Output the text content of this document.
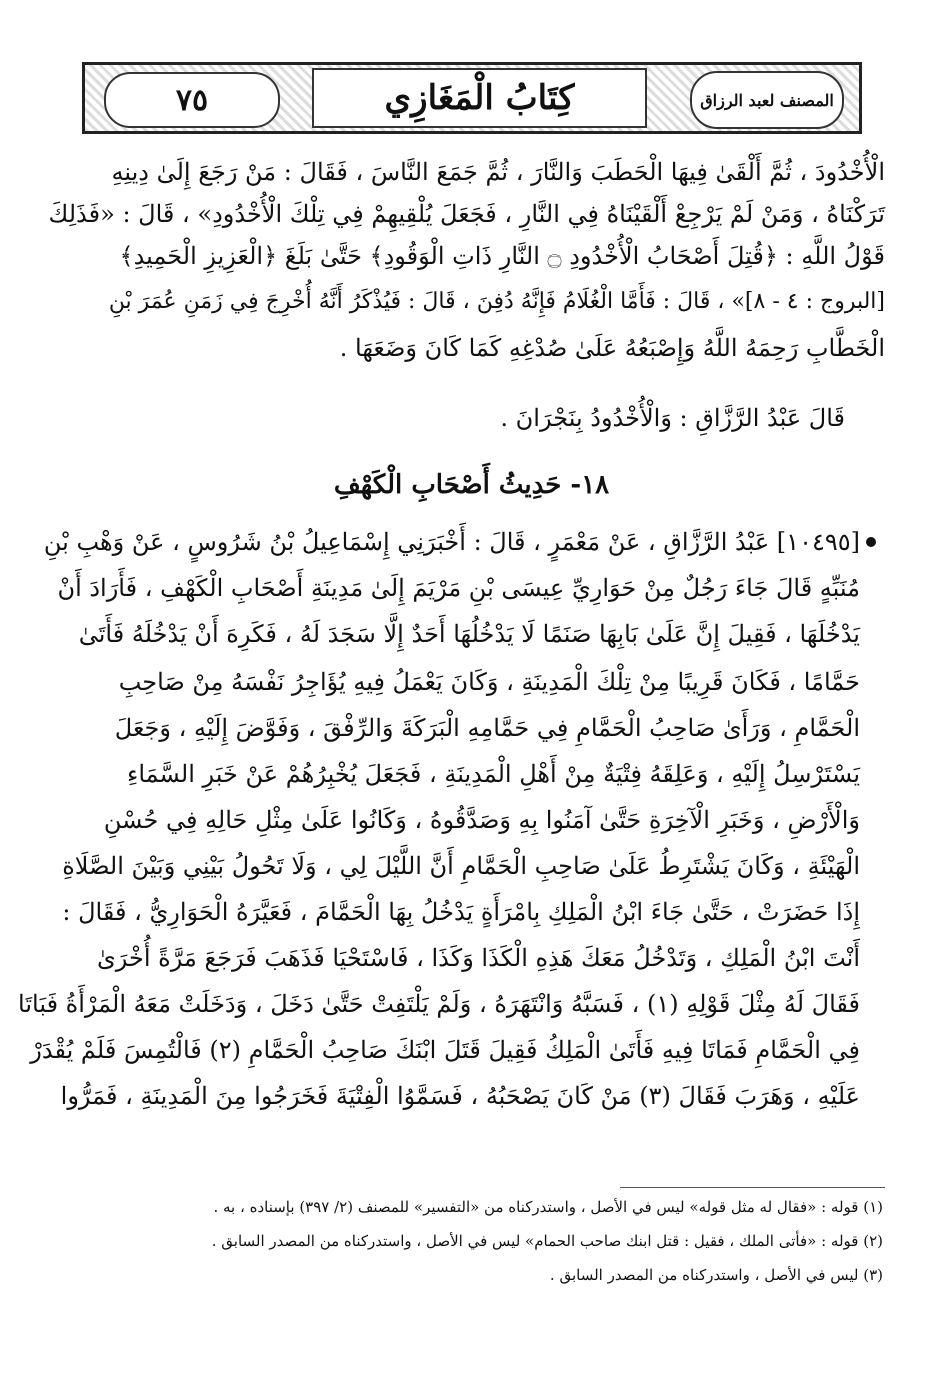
٧٥	كِتَابُ الْمَغَازِي	المصنف لعبد الرزاق
الْأُخْدُودَ ، ثُمَّ أَلْقَىٰ فِيهَا الْحَطَبَ وَالنَّارَ ، ثُمَّ جَمَعَ النَّاسَ ، فَقَالَ : مَنْ رَجَعَ إِلَىٰ دِينِهِ
تَرَكْنَاهُ ، وَمَنْ لَمْ يَرْجِعْ أَلْقَيْنَاهُ فِي النَّارِ ، فَجَعَلَ يُلْقِيهِمْ فِي تِلْكَ الْأُخْدُودِ» ، قَالَ : «فَذَلِكَ
قَوْلُ اللَّهِ : ﴿قُتِلَ أَصْحَابُ الْأُخْدُودِ ۝ النَّارِ ذَاتِ الْوَقُودِ﴾ حَتَّىٰ بَلَغَ ﴿الْعَزِيزِ الْحَمِيدِ﴾
[البروج : ٤ - ٨]» ، قَالَ : فَأَمَّا الْغُلَامُ فَإِنَّهُ دُفِنَ ، قَالَ : فَيُذْكَرُ أَنَّهُ أُخْرِجَ فِي زَمَنِ عُمَرَ بْنِ
الْخَطَّابِ رَحِمَهُ اللَّهُ وَإِصْبَعُهُ عَلَىٰ صُدْغِهِ كَمَا كَانَ وَضَعَهَا .
قَالَ عَبْدُ الرَّزَّاقِ : وَالْأُخْدُودُ بِنَجْرَانَ .
١٨- حَدِيثُ أَصْحَابِ الْكَهْفِ
[١٠٤٩٥] عَبْدُ الرَّزَّاقِ ، عَنْ مَعْمَرٍ ، قَالَ : أَخْبَرَنِي إِسْمَاعِيلُ بْنُ شَرُوسٍ ، عَنْ وَهْبِ بْنِ
مُنَبِّهٍ قَالَ جَاءَ رَجُلٌ مِنْ حَوَارِيِّ عِيسَى بْنِ مَرْيَمَ إِلَىٰ مَدِينَةِ أَصْحَابِ الْكَهْفِ ، فَأَرَادَ أَنْ
يَدْخُلَهَا ، فَقِيلَ إِنَّ عَلَىٰ بَابِهَا صَنَمًا لَا يَدْخُلُهَا أَحَدٌ إِلَّا سَجَدَ لَهُ ، فَكَرِهَ أَنْ يَدْخُلَهُ فَأَتَىٰ
حَمَّامًا ، فَكَانَ قَرِيبًا مِنْ تِلْكَ الْمَدِينَةِ ، وَكَانَ يَعْمَلُ فِيهِ يُؤَاجِرُ نَفْسَهُ مِنْ صَاحِبِ
الْحَمَّامِ ، وَرَأَىٰ صَاحِبُ الْحَمَّامِ فِي حَمَّامِهِ الْبَرَكَةَ وَالرِّفْقَ ، وَفَوَّضَ إِلَيْهِ ، وَجَعَلَ
يَسْتَرْسِلُ إِلَيْهِ ، وَعَلِقَهُ فِتْيَةٌ مِنْ أَهْلِ الْمَدِينَةِ ، فَجَعَلَ يُخْبِرُهُمْ عَنْ خَبَرِ السَّمَاءِ
وَالْأَرْضِ ، وَخَبَرِ الْآخِرَةِ حَتَّىٰ آمَنُوا بِهِ وَصَدَّقُوهُ ، وَكَانُوا عَلَىٰ مِثْلِ حَالِهِ فِي حُسْنِ
الْهَيْئَةِ ، وَكَانَ يَشْتَرِطُ عَلَىٰ صَاحِبِ الْحَمَّامِ أَنَّ اللَّيْلَ لِي ، وَلَا تَحُولُ بَيْنِي وَبَيْنَ الصَّلَاةِ
إِذَا حَضَرَتْ ، حَتَّىٰ جَاءَ ابْنُ الْمَلِكِ بِامْرَأَةٍ يَدْخُلُ بِهَا الْحَمَّامَ ، فَعَيَّرَهُ الْحَوَارِيُّ ، فَقَالَ :
أَنْتَ ابْنُ الْمَلِكِ ، وَتَدْخُلُ مَعَكَ هَذِهِ الْكَذَا وَكَذَا ، فَاسْتَحْيَا فَذَهَبَ فَرَجَعَ مَرَّةً أُخْرَىٰ
فَقَالَ لَهُ مِثْلَ قَوْلِهِ (١) ، فَسَبَّهُ وَانْتَهَرَهُ ، وَلَمْ يَلْتَفِتْ حَتَّىٰ دَخَلَ ، وَدَخَلَتْ مَعَهُ الْمَرْأَةُ فَبَاتَا
فِي الْحَمَّامِ فَمَاتَا فِيهِ فَأَتَىٰ الْمَلِكُ فَقِيلَ قَتَلَ ابْنَكَ صَاحِبُ الْحَمَّامِ (٢) فَالْتُمِسَ فَلَمْ يُقْدَرْ
عَلَيْهِ ، وَهَرَبَ فَقَالَ (٣) مَنْ كَانَ يَصْحَبُهُ ، فَسَمَّوُا الْفِتْيَةَ فَخَرَجُوا مِنَ الْمَدِينَةِ ، فَمَرُّوا
(١) قوله : «فقال له مثل قوله» ليس في الأصل ، واستدركناه من «التفسير» للمصنف (٢/ ٣٩٧) بإسناده ، به .
(٢) قوله : «فأتى الملك ، فقيل : قتل ابنك صاحب الحمام» ليس في الأصل ، واستدركناه من المصدر السابق .
(٣) ليس في الأصل ، واستدركناه من المصدر السابق .
